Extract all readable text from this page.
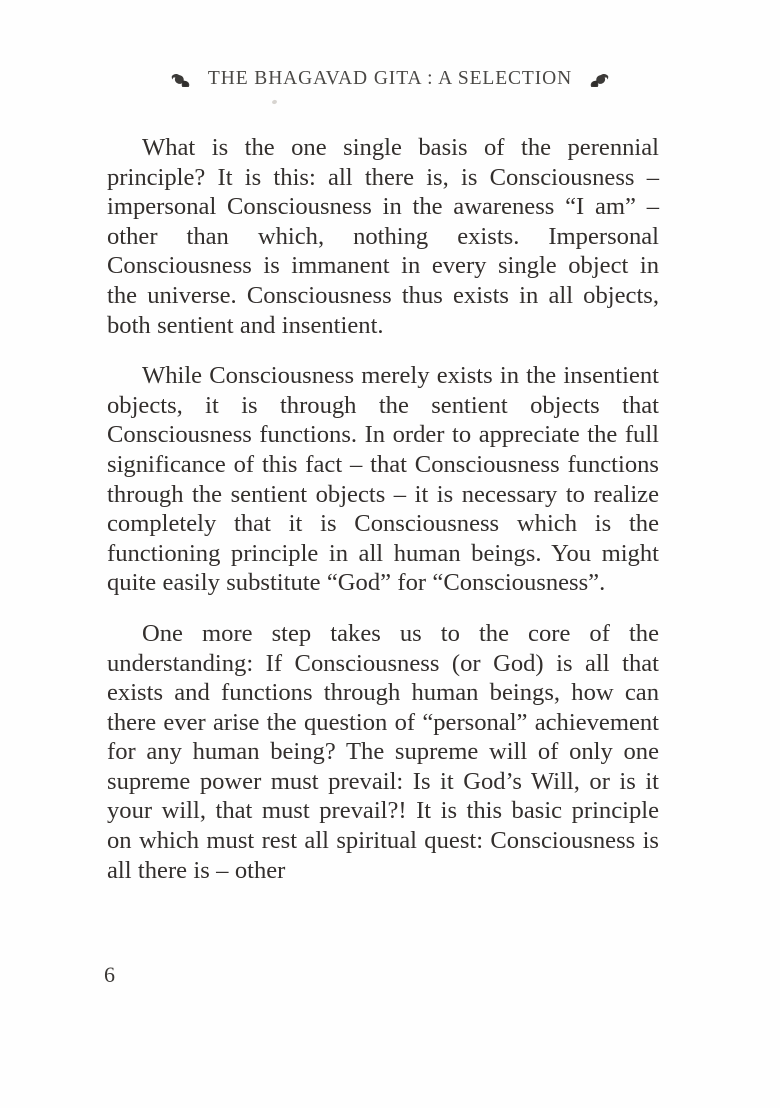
THE BHAGAVAD GITA : A SELECTION

What is the one single basis of the perennial principle? It is this: all there is, is Consciousness – impersonal Consciousness in the awareness “I am” – other than which, nothing exists. Impersonal Consciousness is immanent in every single object in the universe. Consciousness thus exists in all objects, both sentient and insentient.

While Consciousness merely exists in the insentient objects, it is through the sentient objects that Consciousness functions. In order to appreciate the full significance of this fact – that Consciousness functions through the sentient objects – it is necessary to realize completely that it is Consciousness which is the functioning principle in all human beings. You might quite easily substitute “God” for “Consciousness”.

One more step takes us to the core of the understanding: If Consciousness (or God) is all that exists and functions through human beings, how can there ever arise the question of “personal” achievement for any human being? The supreme will of only one supreme power must prevail: Is it God’s Will, or is it your will, that must prevail?! It is this basic principle on which must rest all spiritual quest: Consciousness is all there is – other

6
